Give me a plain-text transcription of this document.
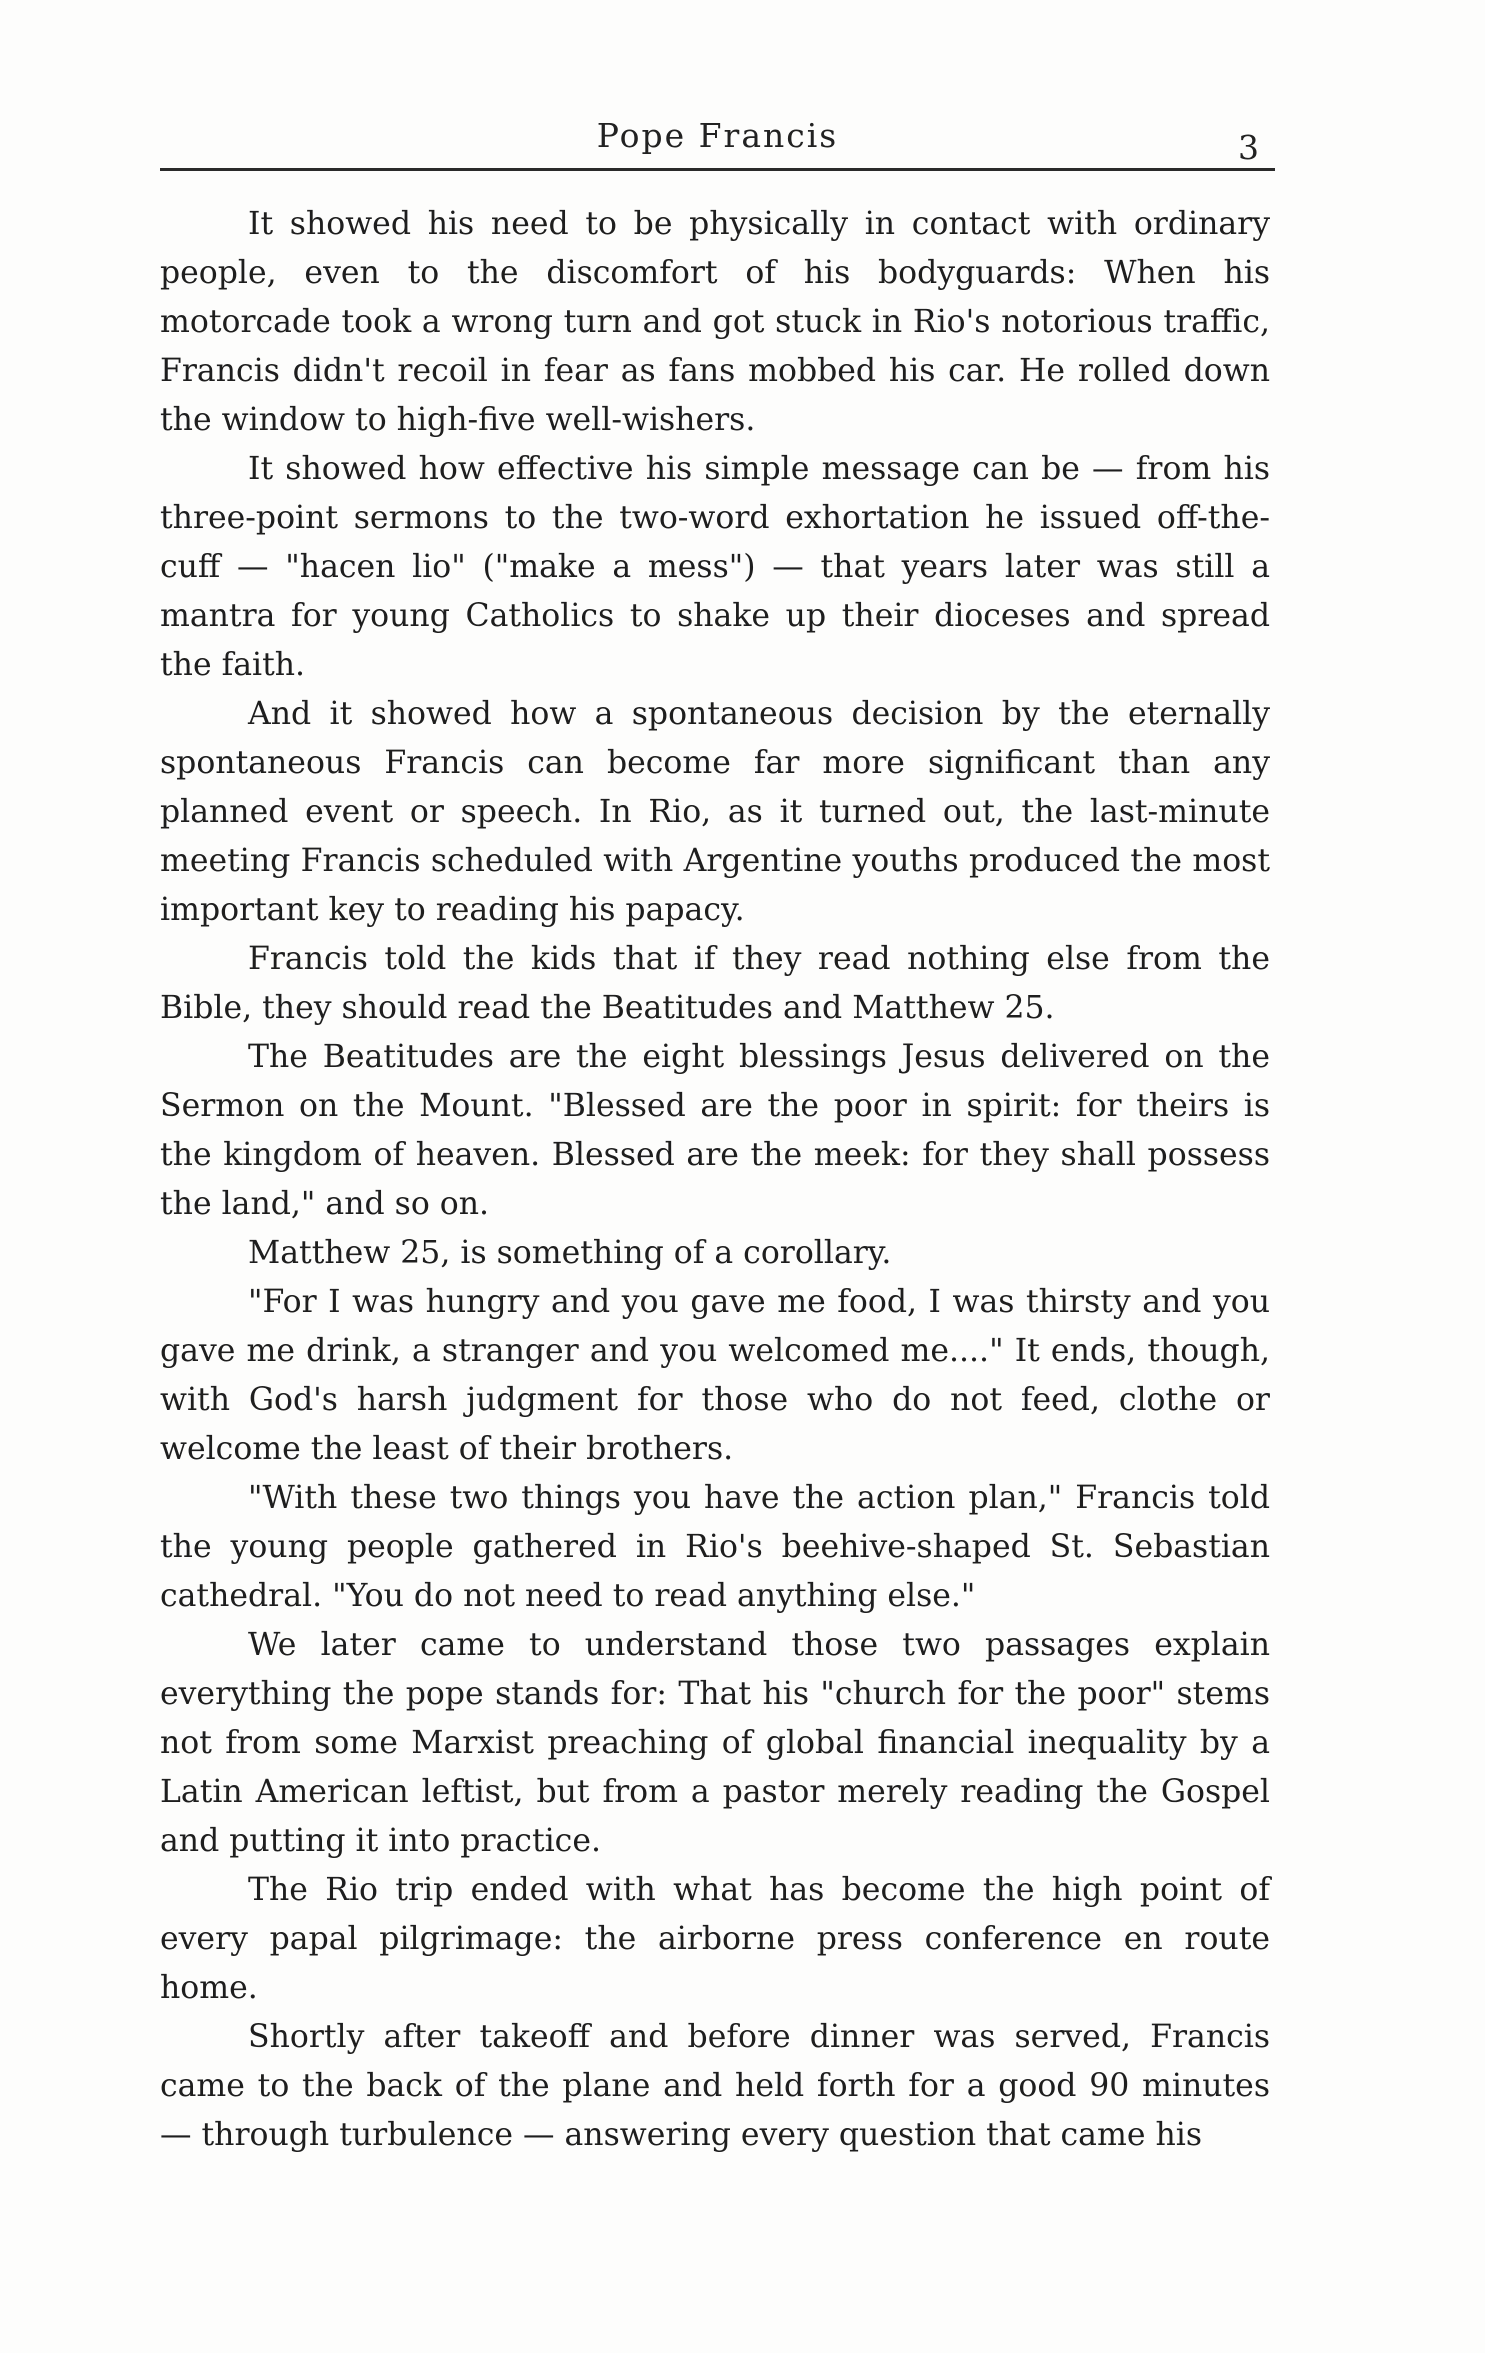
Pope Francis	3

It showed his need to be physically in contact with ordinary people, even to the discomfort of his bodyguards: When his motorcade took a wrong turn and got stuck in Rio's notorious traffic, Francis didn't recoil in fear as fans mobbed his car. He rolled down the window to high-five well-wishers.

It showed how effective his simple message can be — from his three-point sermons to the two-word exhortation he issued off-the-cuff — "hacen lio" ("make a mess") — that years later was still a mantra for young Catholics to shake up their dioceses and spread the faith.

And it showed how a spontaneous decision by the eternally spontaneous Francis can become far more significant than any planned event or speech. In Rio, as it turned out, the last-minute meeting Francis scheduled with Argentine youths produced the most important key to reading his papacy.

Francis told the kids that if they read nothing else from the Bible, they should read the Beatitudes and Matthew 25.

The Beatitudes are the eight blessings Jesus delivered on the Sermon on the Mount. "Blessed are the poor in spirit: for theirs is the kingdom of heaven. Blessed are the meek: for they shall possess the land," and so on.

Matthew 25, is something of a corollary.

"For I was hungry and you gave me food, I was thirsty and you gave me drink, a stranger and you welcomed me...." It ends, though, with God's harsh judgment for those who do not feed, clothe or welcome the least of their brothers.

"With these two things you have the action plan," Francis told the young people gathered in Rio's beehive-shaped St. Sebastian cathedral. "You do not need to read anything else."

We later came to understand those two passages explain everything the pope stands for: That his "church for the poor" stems not from some Marxist preaching of global financial inequality by a Latin American leftist, but from a pastor merely reading the Gospel and putting it into practice.

The Rio trip ended with what has become the high point of every papal pilgrimage: the airborne press conference en route home.

Shortly after takeoff and before dinner was served, Francis came to the back of the plane and held forth for a good 90 minutes — through turbulence — answering every question that came his
